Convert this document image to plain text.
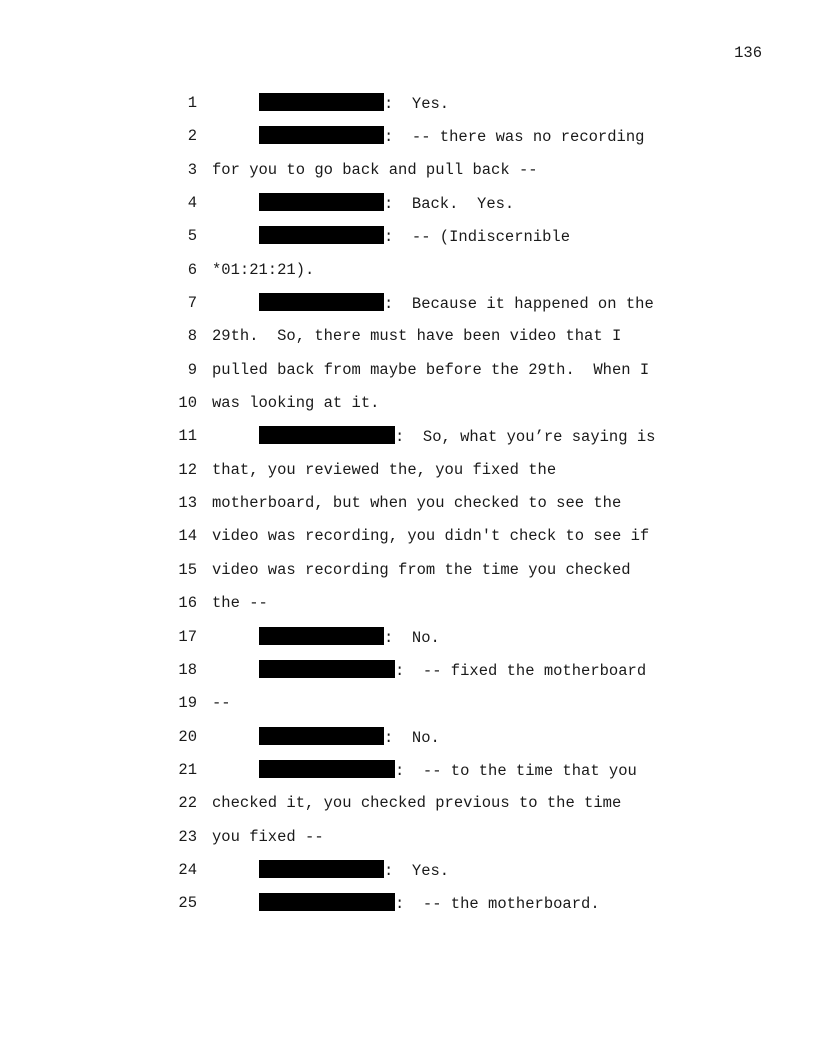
136
1	:  Yes.
2	:  -- there was no recording
3 for you to go back and pull back --
4	:  Back.  Yes.
5	:  -- (Indiscernible
6 *01:21:21).
7	:  Because it happened on the
8 29th.  So, there must have been video that I
9 pulled back from maybe before the 29th.  When I
10 was looking at it.
11	:  So, what you’re saying is
12 that, you reviewed the, you fixed the
13 motherboard, but when you checked to see the
14 video was recording, you didn't check to see if
15 video was recording from the time you checked
16 the --
17	:  No.
18	:  -- fixed the motherboard
19 --
20	:  No.
21	:  -- to the time that you
22 checked it, you checked previous to the time
23 you fixed --
24	:  Yes.
25	:  -- the motherboard.
